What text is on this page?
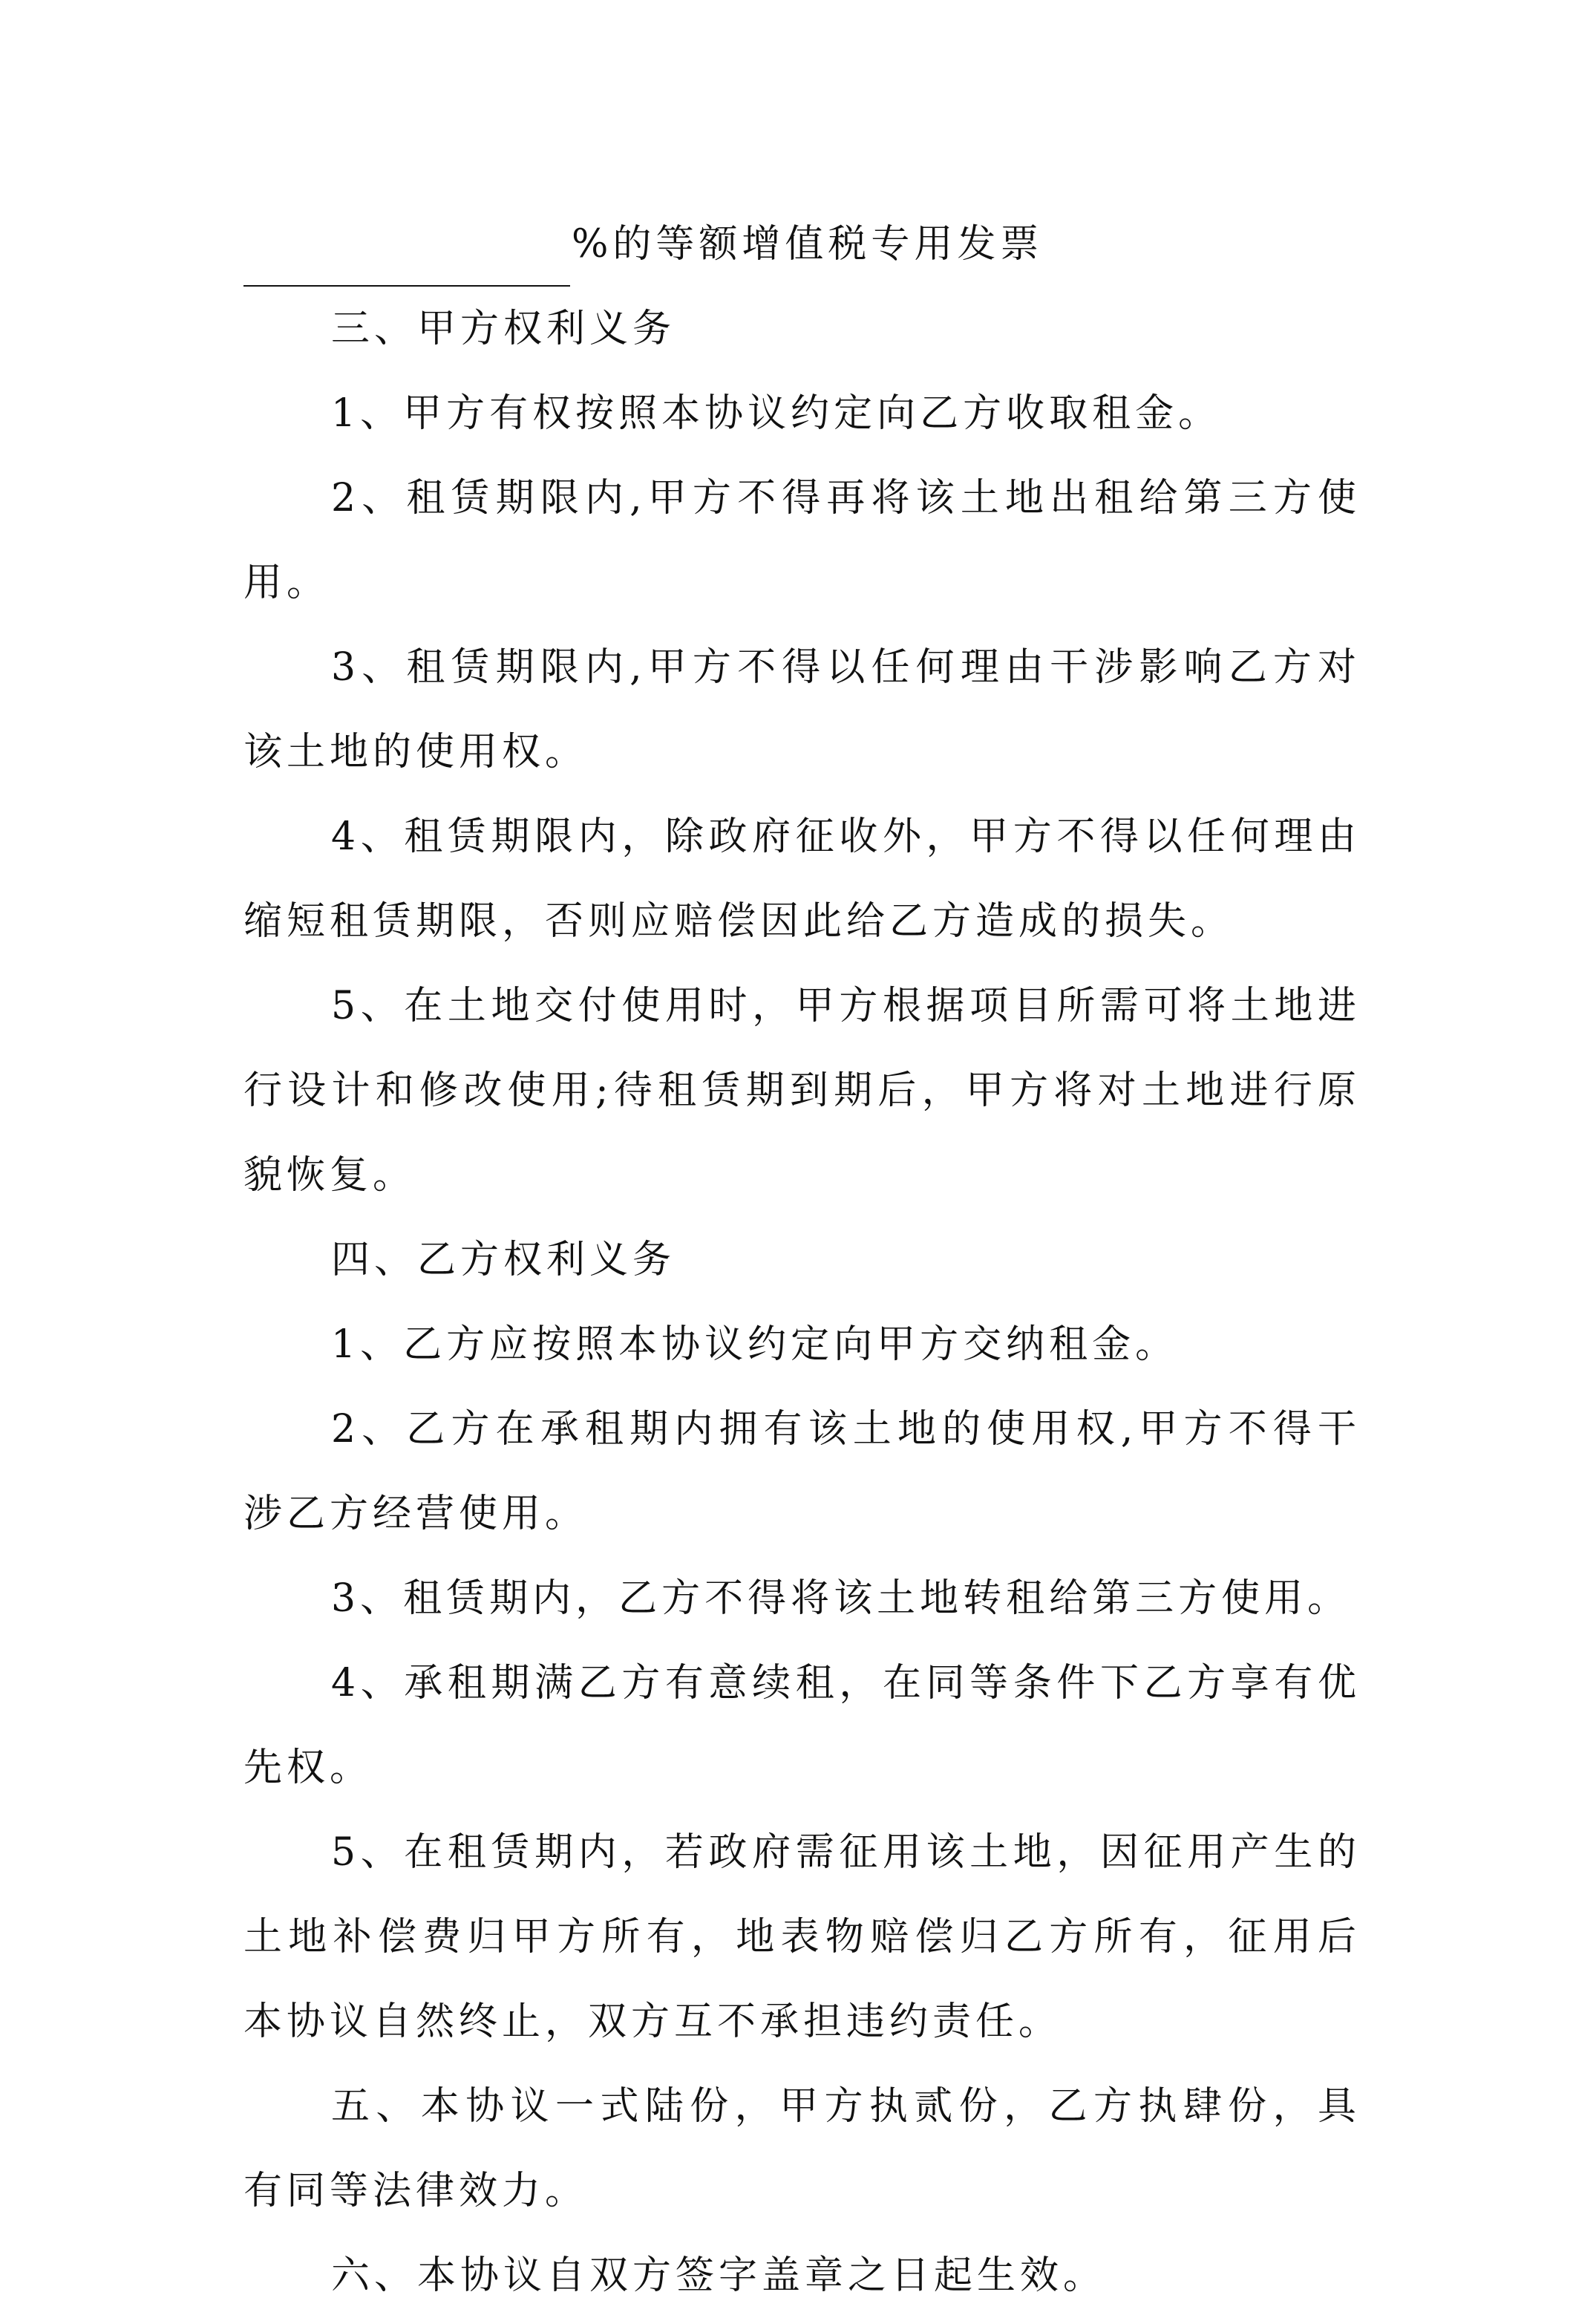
%的等额增值税专用发票

三、甲方权利义务

1、甲方有权按照本协议约定向乙方收取租金。

2、租赁期限内,甲方不得再将该土地出租给第三方使用。

3、租赁期限内,甲方不得以任何理由干涉影响乙方对该土地的使用权。

4、租赁期限内，除政府征收外，甲方不得以任何理由缩短租赁期限，否则应赔偿因此给乙方造成的损失。

5、在土地交付使用时，甲方根据项目所需可将土地进行设计和修改使用;待租赁期到期后，甲方将对土地进行原貌恢复。

四、乙方权利义务

1、乙方应按照本协议约定向甲方交纳租金。

2、乙方在承租期内拥有该土地的使用权,甲方不得干涉乙方经营使用。

3、租赁期内，乙方不得将该土地转租给第三方使用。

4、承租期满乙方有意续租，在同等条件下乙方享有优先权。

5、在租赁期内，若政府需征用该土地，因征用产生的土地补偿费归甲方所有，地表物赔偿归乙方所有，征用后本协议自然终止，双方互不承担违约责任。

五、本协议一式陆份，甲方执贰份，乙方执肆份，具有同等法律效力。

六、本协议自双方签字盖章之日起生效。
